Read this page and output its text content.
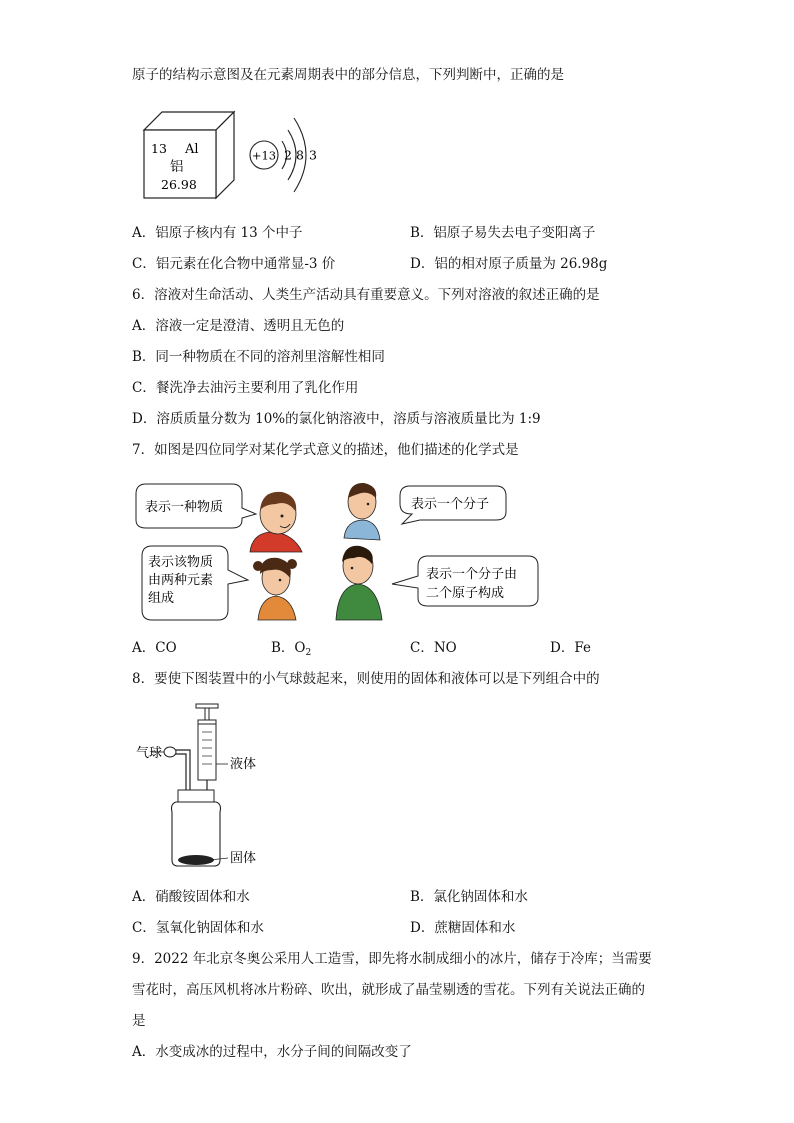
原子的结构示意图及在元素周期表中的部分信息，下列判断中，正确的是
13 Al
铝
26.98
+13 2 8 3
A．铝原子核内有 13 个中子	B．铝原子易失去电子变阳离子
C．铝元素在化合物中通常显-3 价	D．铝的相对原子质量为 26.98g
6．溶液对生命活动、人类生产活动具有重要意义。下列对溶液的叙述正确的是
A．溶液一定是澄清、透明且无色的
B．同一种物质在不同的溶剂里溶解性相同
C．餐洗净去油污主要利用了乳化作用
D．溶质质量分数为 10%的氯化钠溶液中，溶质与溶液质量比为 1:9
7．如图是四位同学对某化学式意义的描述，他们描述的化学式是
表示一种物质	表示一个分子
表示该物质
由两种元素
组成
表示一个分子由
二个原子构成
A．CO	B．$O_2$	C．NO	D．Fe
8．要使下图装置中的小气球鼓起来，则使用的固体和液体可以是下列组合中的
气球
液体
固体
A．硝酸铵固体和水	B．氯化钠固体和水
C．氢氧化钠固体和水	D．蔗糖固体和水
9．2022 年北京冬奥公采用人工造雪，即先将水制成细小的冰片，储存于冷库；当需要
雪花时，高压风机将冰片粉碎、吹出，就形成了晶莹剔透的雪花。下列有关说法正确的
是
A．水变成冰的过程中，水分子间的间隔改变了
